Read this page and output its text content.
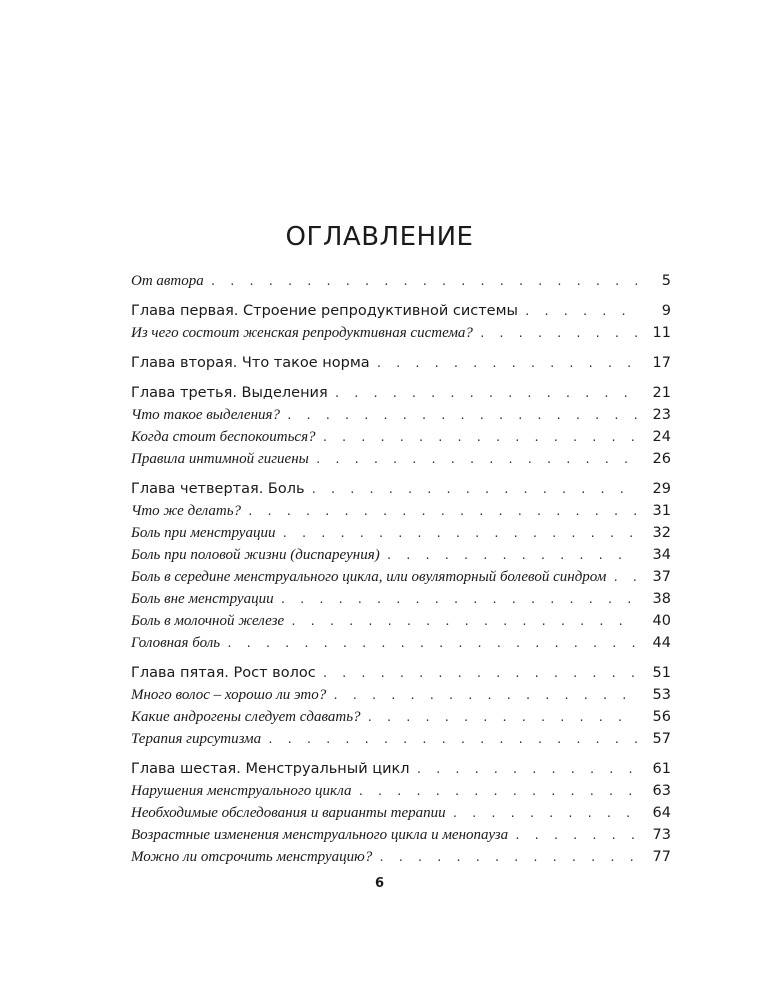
ОГЛАВЛЕНИЕ
От автора . . .	5
Глава первая. Строение репродуктивной системы . . .	9
Из чего состоит женская репродуктивная система? . . .	11
Глава вторая. Что такое норма . . .	17
Глава третья. Выделения . . .	21
Что такое выделения? . . .	23
Когда стоит беспокоиться? . . .	24
Правила интимной гигиены . . .	26
Глава четвертая. Боль . . .	29
Что же делать? . . .	31
Боль при менструации . . .	32
Боль при половой жизни (диспареуния) . . .	34
Боль в середине менструального цикла, или овуляторный болевой синдром . . .	37
Боль вне менструации . . .	38
Боль в молочной железе . . .	40
Головная боль . . .	44
Глава пятая. Рост волос . . .	51
Много волос – хорошо ли это? . . .	53
Какие андрогены следует сдавать? . . .	56
Терапия гирсутизма . . .	57
Глава шестая. Менструальный цикл . . .	61
Нарушения менструального цикла . . .	63
Необходимые обследования и варианты терапии . . .	64
Возрастные изменения менструального цикла и менопауза . . .	73
Можно ли отсрочить менструацию? . . .	77
6
